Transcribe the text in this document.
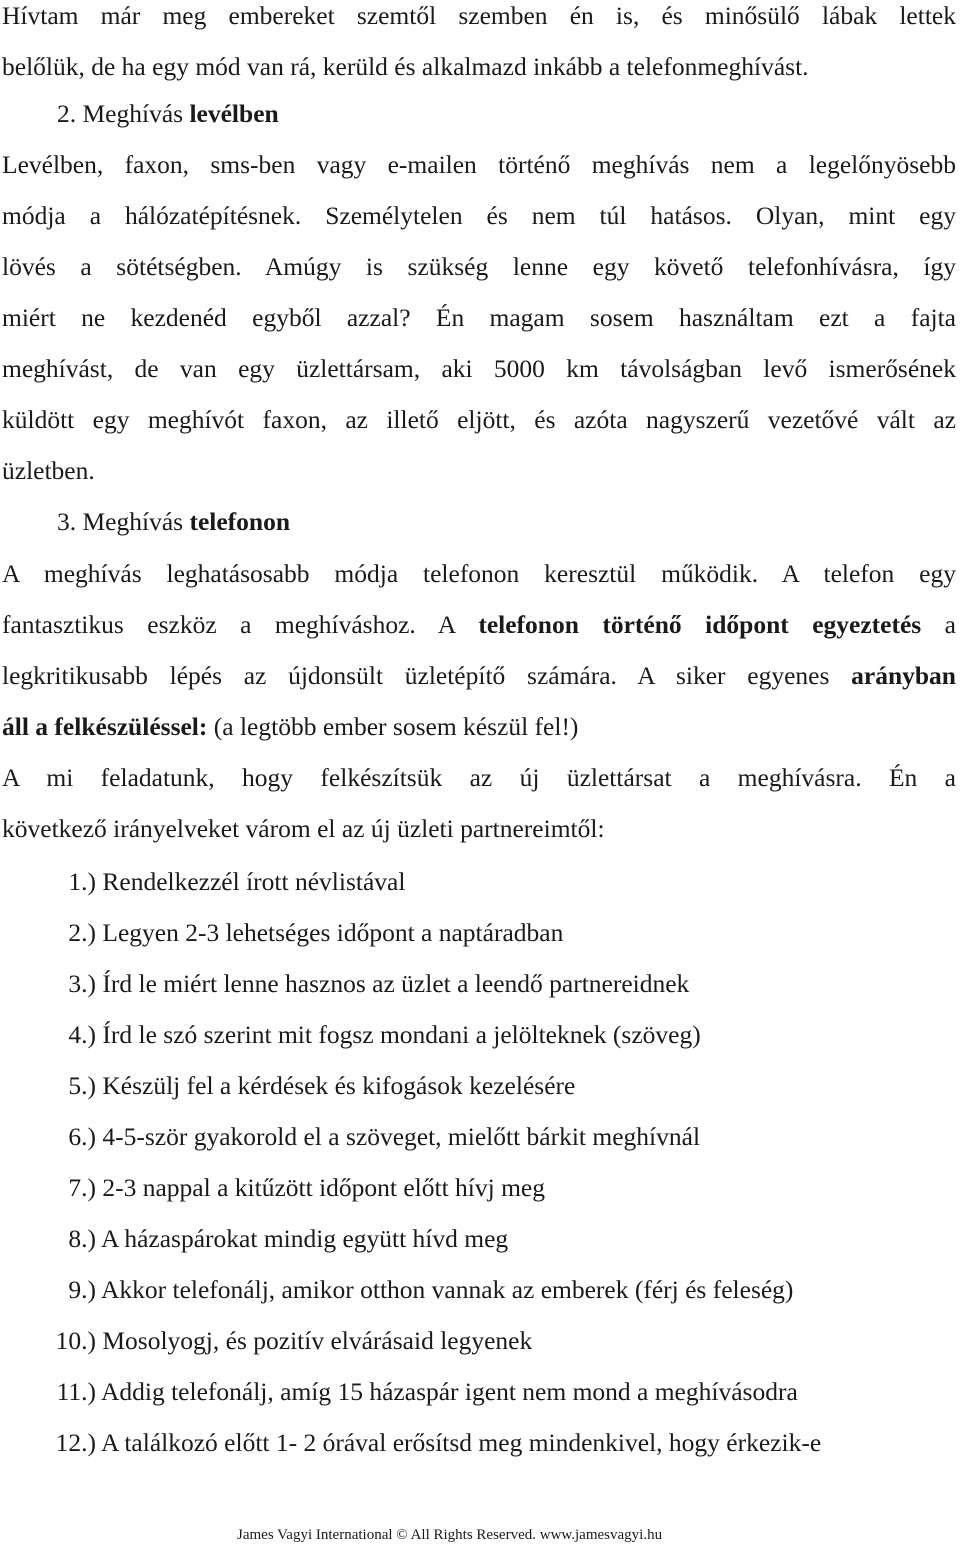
Hívtam már meg embereket szemtől szemben én is, és minősülő lábak lettek
belőlük, de ha egy mód van rá, kerüld és alkalmazd inkább a telefonmeghívást.
2. Meghívás levélben
Levélben, faxon, sms-ben vagy e-mailen történő meghívás nem a legelőnyösebb
módja a hálózatépítésnek. Személytelen és nem túl hatásos. Olyan, mint egy
lövés a sötétségben. Amúgy is szükség lenne egy követő telefonhívásra, így
miért ne kezdenéd egyből azzal? Én magam sosem használtam ezt a fajta
meghívást, de van egy üzlettársam, aki 5000 km távolságban levő ismerősének
küldött egy meghívót faxon, az illető eljött, és azóta nagyszerű vezetővé vált az
üzletben.
3. Meghívás telefonon
A meghívás leghatásosabb módja telefonon keresztül működik. A telefon egy
fantasztikus eszköz a meghíváshoz. A telefonon történő időpont egyeztetés a
legkritikusabb lépés az újdonsült üzletépítő számára. A siker egyenes arányban
áll a felkészüléssel: (a legtöbb ember sosem készül fel!)
A mi feladatunk, hogy felkészítsük az új üzlettársat a meghívásra. Én a
következő irányelveket várom el az új üzleti partnereimtől:
1.) Rendelkezzél írott névlistával
2.) Legyen 2-3 lehetséges időpont a naptáradban
3.) Írd le miért lenne hasznos az üzlet a leendő partnereidnek
4.) Írd le szó szerint mit fogsz mondani a jelölteknek (szöveg)
5.) Készülj fel a kérdések és kifogások kezelésére
6.) 4-5-ször gyakorold el a szöveget, mielőtt bárkit meghívnál
7.) 2-3 nappal a kitűzött időpont előtt hívj meg
8.) A házaspárokat mindig együtt hívd meg
9.) Akkor telefonálj, amikor otthon vannak az emberek (férj és feleség)
10.) Mosolyogj, és pozitív elvárásaid legyenek
11.) Addig telefonálj, amíg 15 házaspár igent nem mond a meghívásodra
12.) A találkozó előtt 1- 2 órával erősítsd meg mindenkivel, hogy érkezik-e
James Vagyi International © All Rights Reserved. www.jamesvagyi.hu
